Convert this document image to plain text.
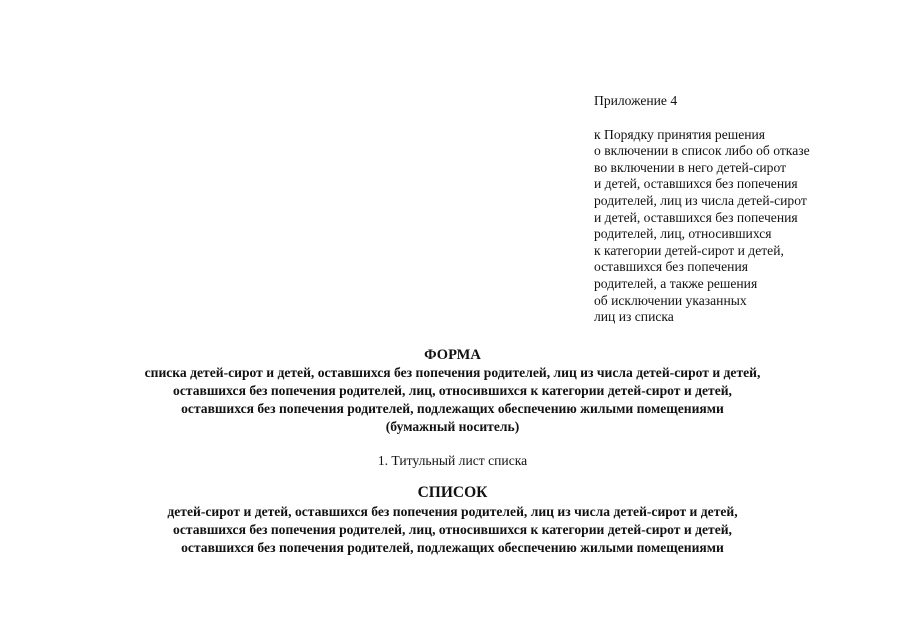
Приложение 4
к Порядку принятия решения
о включении в список либо об отказе
во включении в него детей-сирот
и детей, оставшихся без попечения
родителей, лиц из числа детей-сирот
и детей, оставшихся без попечения
родителей, лиц, относившихся
к категории детей-сирот и детей,
оставшихся без попечения
родителей, а также решения
об исключении указанных
лиц из списка
ФОРМА
списка детей-сирот и детей, оставшихся без попечения родителей, лиц из числа детей-сирот и детей,
оставшихся без попечения родителей, лиц, относившихся к категории детей-сирот и детей,
оставшихся без попечения родителей, подлежащих обеспечению жилыми помещениями
(бумажный носитель)
1. Титульный лист списка
СПИСОК
детей-сирот и детей, оставшихся без попечения родителей, лиц из числа детей-сирот и детей,
оставшихся без попечения родителей, лиц, относившихся к категории детей-сирот и детей,
оставшихся без попечения родителей, подлежащих обеспечению жилыми помещениями
